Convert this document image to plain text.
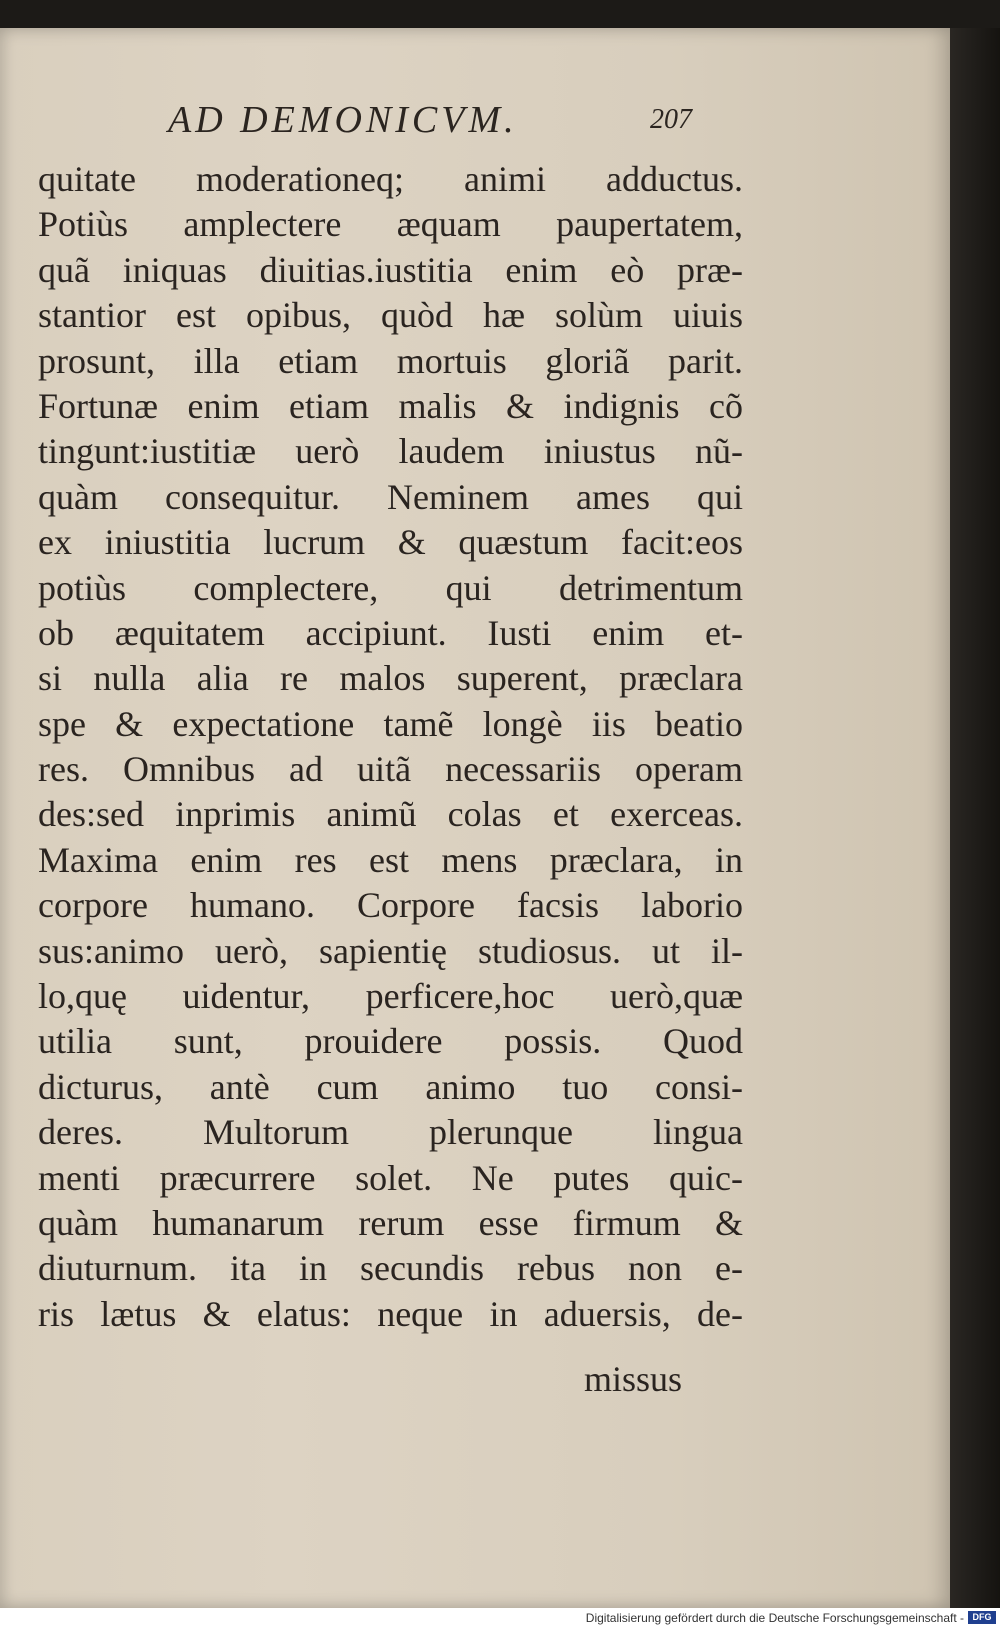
AD DEMONICVM.	207
quitate moderationeq; animi adductus.
Potiùs amplectere æquam paupertatem,
quã iniquas diuitias.iustitia enim eò præ-
stantior est opibus, quòd hæ solùm uiuis
prosunt, illa etiam mortuis gloriã parit.
Fortunæ enim etiam malis & indignis cõ
tingunt:iustitiæ uerò laudem iniustus nũ-
quàm consequitur. Neminem ames qui
ex iniustitia lucrum & quæstum facit:eos
potiùs complectere, qui detrimentum
ob æquitatem accipiunt. Iusti enim et-
si nulla alia re malos superent, præclara
spe & expectatione tamẽ longè iis beatio
res. Omnibus ad uitã necessariis operam
des:sed inprimis animũ colas et exerceas.
Maxima enim res est mens præclara, in
corpore humano. Corpore facsis laborio
sus:animo uerò, sapientię studiosus. ut il-
lo,quę uidentur, perficere,hoc uerò,quæ
utilia sunt, prouidere possis. Quod
dicturus, antè cum animo tuo consi-
deres. Multorum plerunque lingua
menti præcurrere solet. Ne putes quic-
quàm humanarum rerum esse firmum &
diuturnum. ita in secundis rebus non e-
ris lætus & elatus: neque in aduersis, de-
missus
Digitalisierung gefördert durch die Deutsche Forschungsgemeinschaft - DFG
